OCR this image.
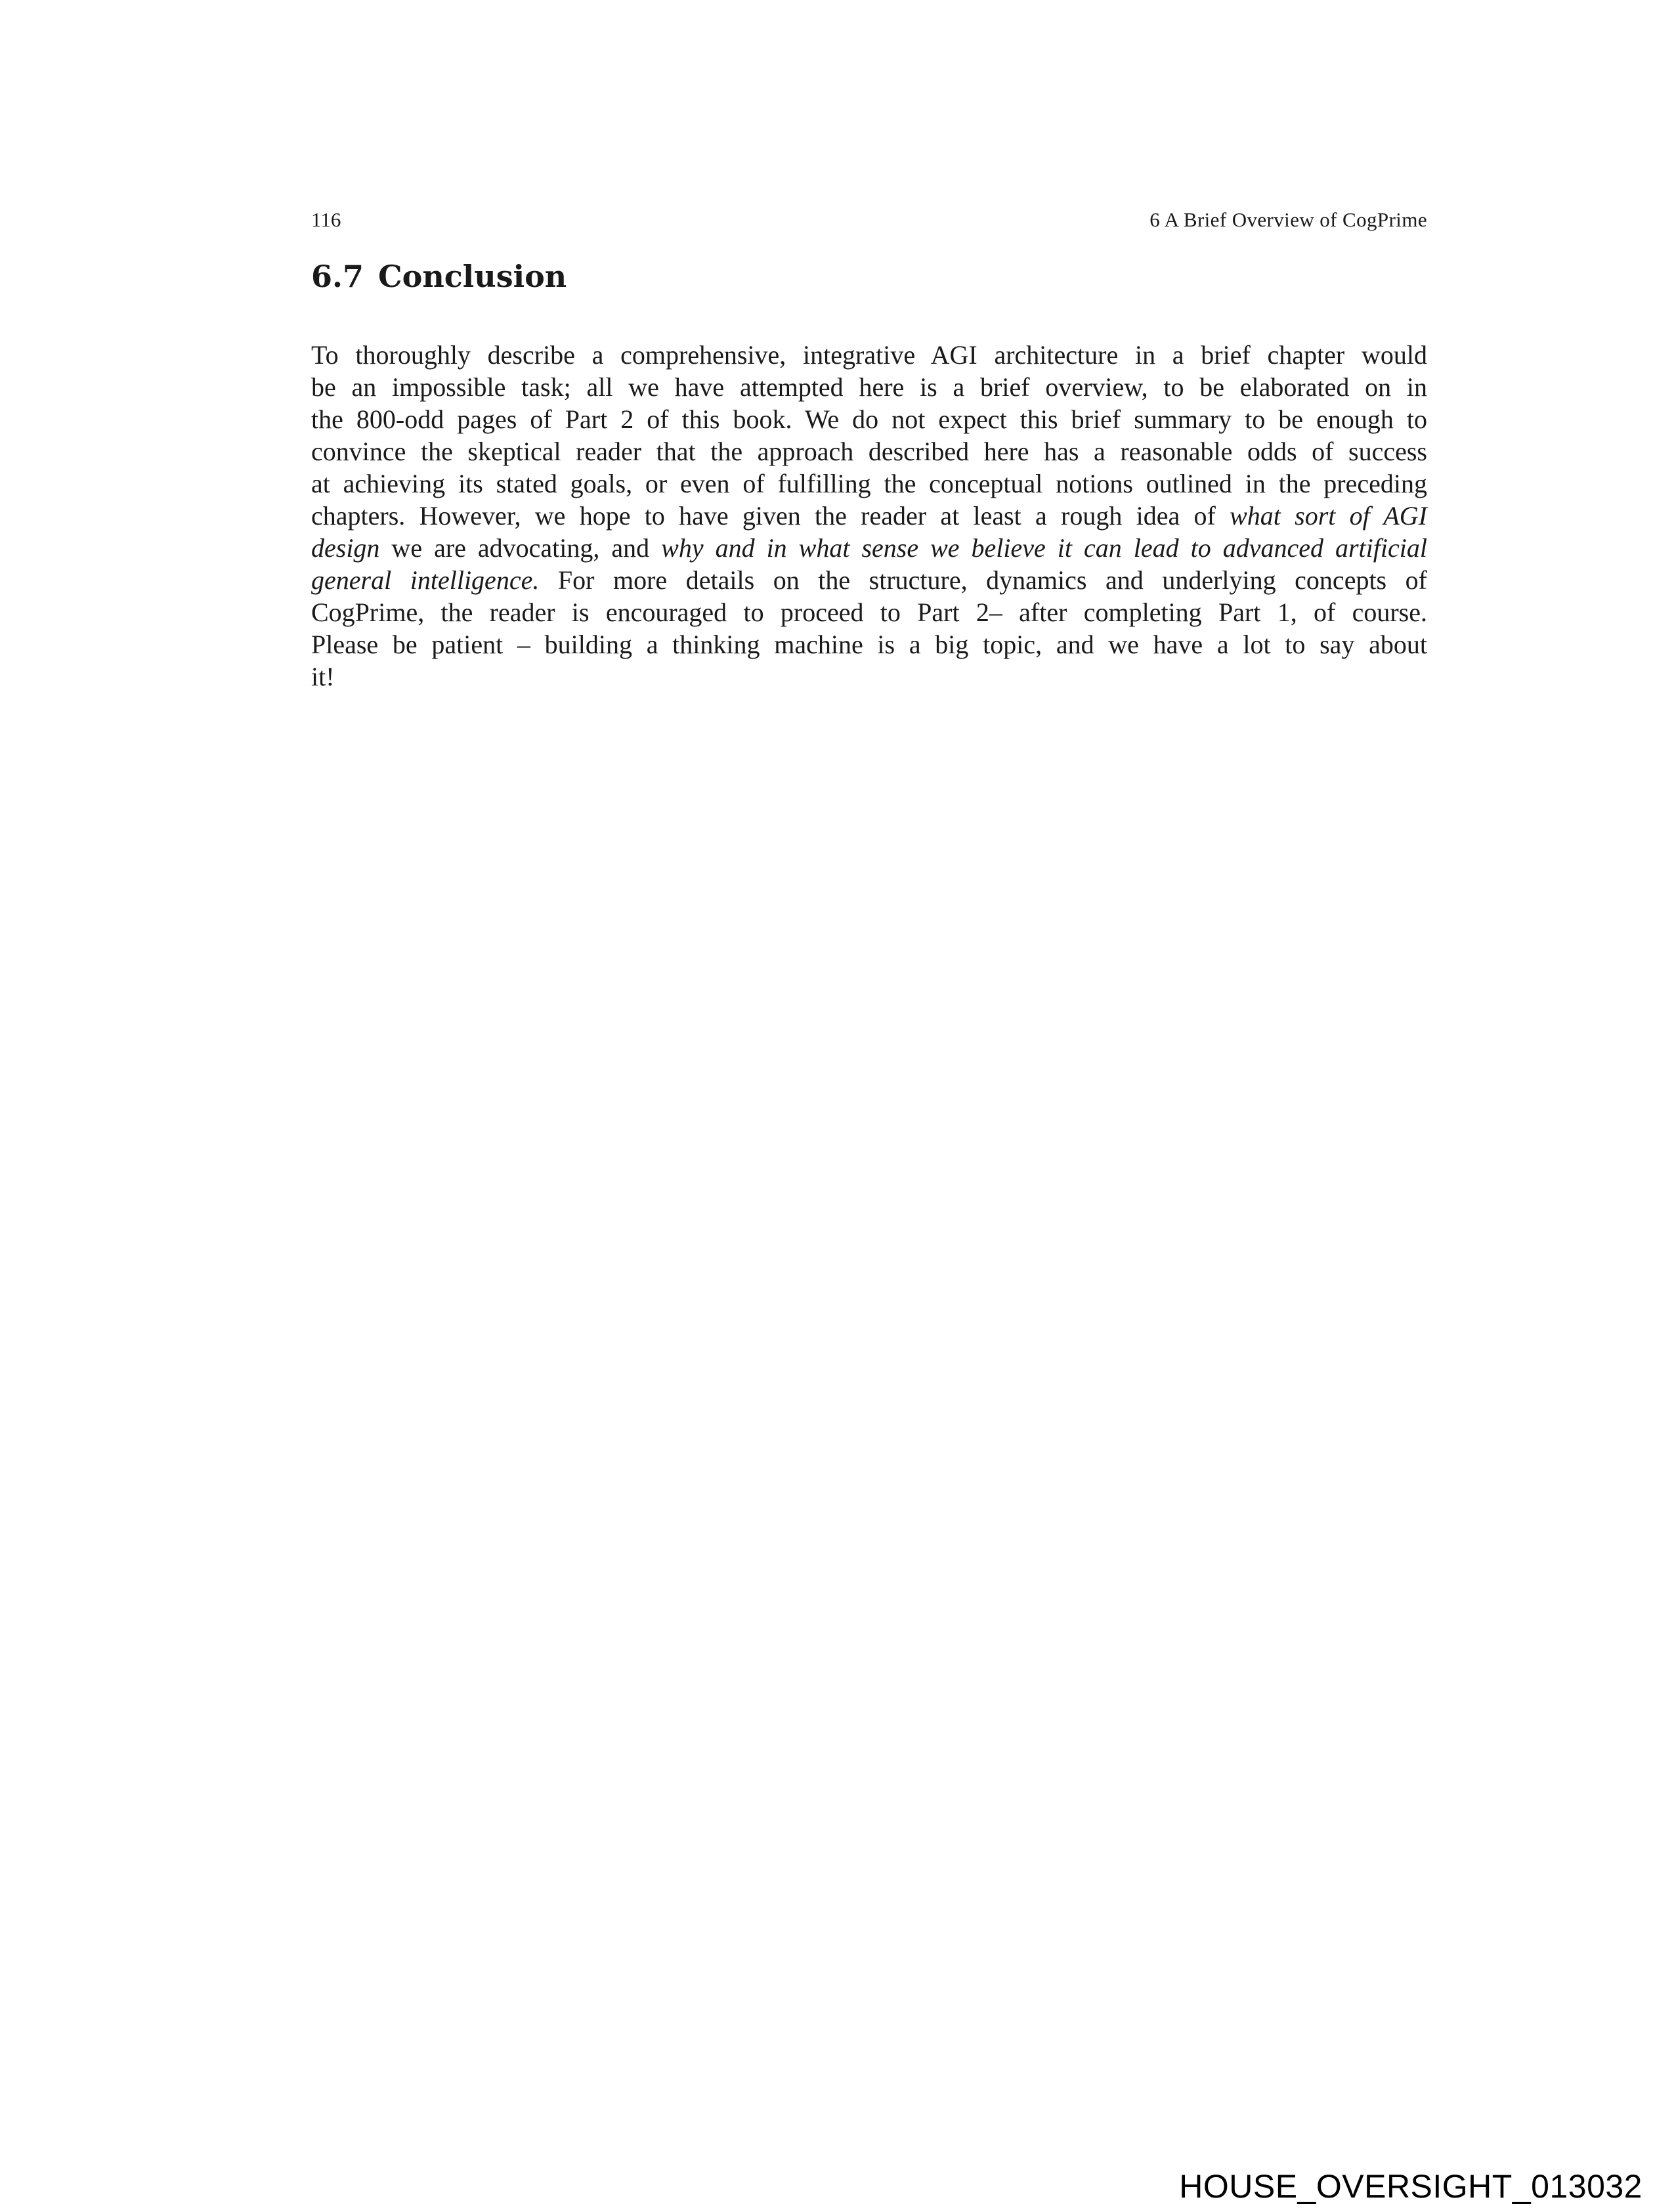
116	6 A Brief Overview of CogPrime
6.7 Conclusion
To thoroughly describe a comprehensive, integrative AGI architecture in a brief chapter would
be an impossible task; all we have attempted here is a brief overview, to be elaborated on in
the 800-odd pages of Part 2 of this book. We do not expect this brief summary to be enough to
convince the skeptical reader that the approach described here has a reasonable odds of success
at achieving its stated goals, or even of fulfilling the conceptual notions outlined in the preceding
chapters. However, we hope to have given the reader at least a rough idea of what sort of AGI
design we are advocating, and why and in what sense we believe it can lead to advanced artificial
general intelligence. For more details on the structure, dynamics and underlying concepts of
CogPrime, the reader is encouraged to proceed to Part 2– after completing Part 1, of course.
Please be patient – building a thinking machine is a big topic, and we have a lot to say about
it!
HOUSE_OVERSIGHT_013032
